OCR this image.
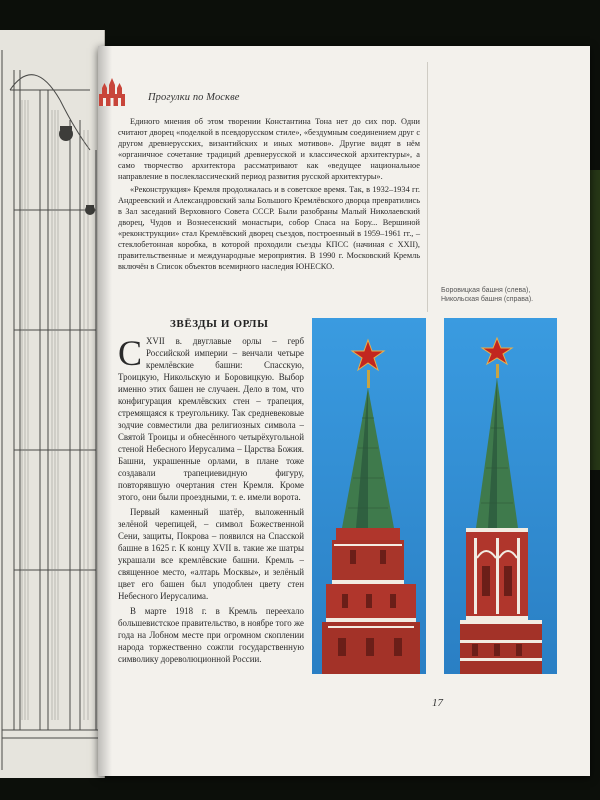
Прогулки по Москве

Единого мнения об этом творении Константина Тона нет до сих пор. Одни считают дворец «поделкой в псевдорусском стиле», «бездумным соединением друг с другом древнерусских, византийских и иных мотивов». Другие видят в нём «органичное сочетание традиций древнерусской и классической архитектуры», а само творчество архитектора рассматривают как «ведущее национальное направление в послеклассический период развития русской архитектуры».

«Реконструкция» Кремля продолжалась и в советское время. Так, в 1932–1934 гг. Андреевский и Александровский залы Большого Кремлёвского дворца превратились в Зал заседаний Верховного Совета СССР. Были разобраны Малый Николаевский дворец, Чудов и Вознесенский монастыри, собор Спаса на Бору... Вершиной «реконструкции» стал Кремлёвский дворец съездов, построенный в 1959–1961 гг., – стеклобетонная коробка, в которой проходили съезды КПСС (начиная с XXII), правительственные и международные мероприятия. В 1990 г. Московский Кремль включён в Список объектов всемирного наследия ЮНЕСКО.

Боровицкая башня (слева),
Никольская башня (справа).
ЗВЁЗДЫ И ОРЛЫ

СXVII в. двуглавые орлы – герб Российской империи – венчали четыре кремлёвские башни: Спасскую, Троицкую, Никольскую и Боровицкую. Выбор именно этих башен не случаен. Дело в том, что конфигурация кремлёвских стен – трапеция, стремящаяся к треугольнику. Так средневековые зодчие совместили два религиозных символа – Святой Троицы и обнесённого четырёхугольной стеной Небесного Иерусалима – Царства Божия. Башни, украшенные орлами, в плане тоже создавали трапециевидную фигуру, повторявшую очертания стен Кремля. Кроме этого, они были проездными, т. е. имели ворота.

Первый каменный шатёр, выложенный зелёной черепицей, – символ Божественной Сени, защиты, Покрова – появился на Спасской башне в 1625 г. К концу XVII в. такие же шатры украшали все кремлёвские башни. Кремль – священное место, «алтарь Москвы», и зелёный цвет его башен был уподоблен цвету стен Небесного Иерусалима.

В марте 1918 г. в Кремль переехало большевистское правительство, в ноябре того же года на Лобном месте при огромном скоплении народа торжественно сожгли государственную символику дореволюционной России.

17
